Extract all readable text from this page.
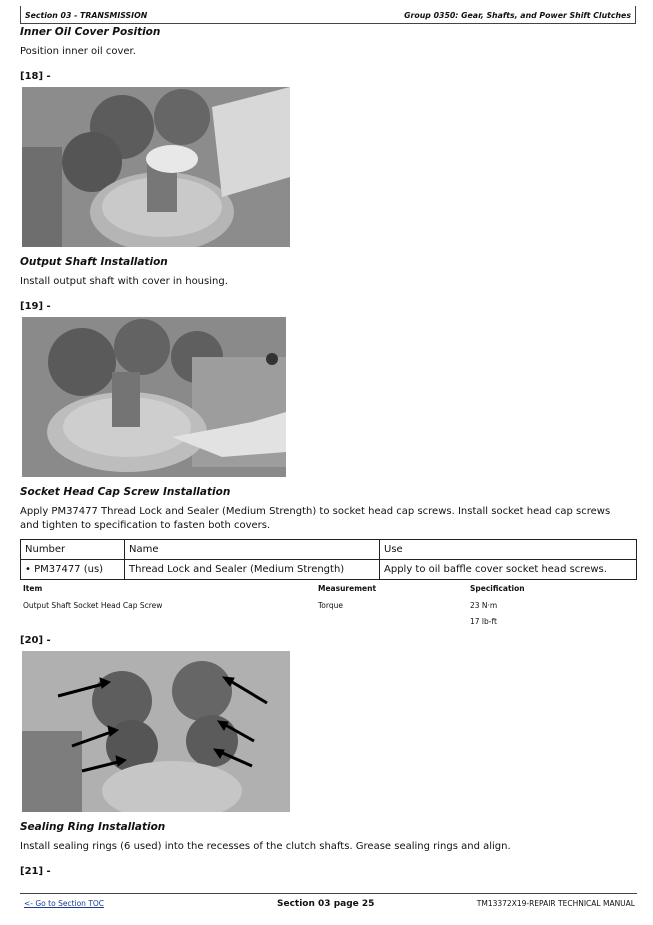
Section 03 - TRANSMISSION	Group 0350: Gear, Shafts, and Power Shift Clutches
Inner Oil Cover Position
Position inner oil cover.
[18] -
Output Shaft Installation
Install output shaft with cover in housing.
[19] -
Socket Head Cap Screw Installation
Apply PM37477 Thread Lock and Sealer (Medium Strength) to socket head cap screws. Install socket head cap screws and tighten to specification to fasten both covers.
Number	Name	Use
• PM37477 (us)	Thread Lock and Sealer (Medium Strength)	Apply to oil baffle cover socket head screws.
Item	Measurement	Specification
Output Shaft Socket Head Cap Screw	Torque	23 N·m
17 lb-ft
[20] -
Sealing Ring Installation
Install sealing rings (6 used) into the recesses of the clutch shafts. Grease sealing rings and align.
[21] -
<- Go to Section TOC	Section 03 page 25	TM13372X19-REPAIR TECHNICAL MANUAL
